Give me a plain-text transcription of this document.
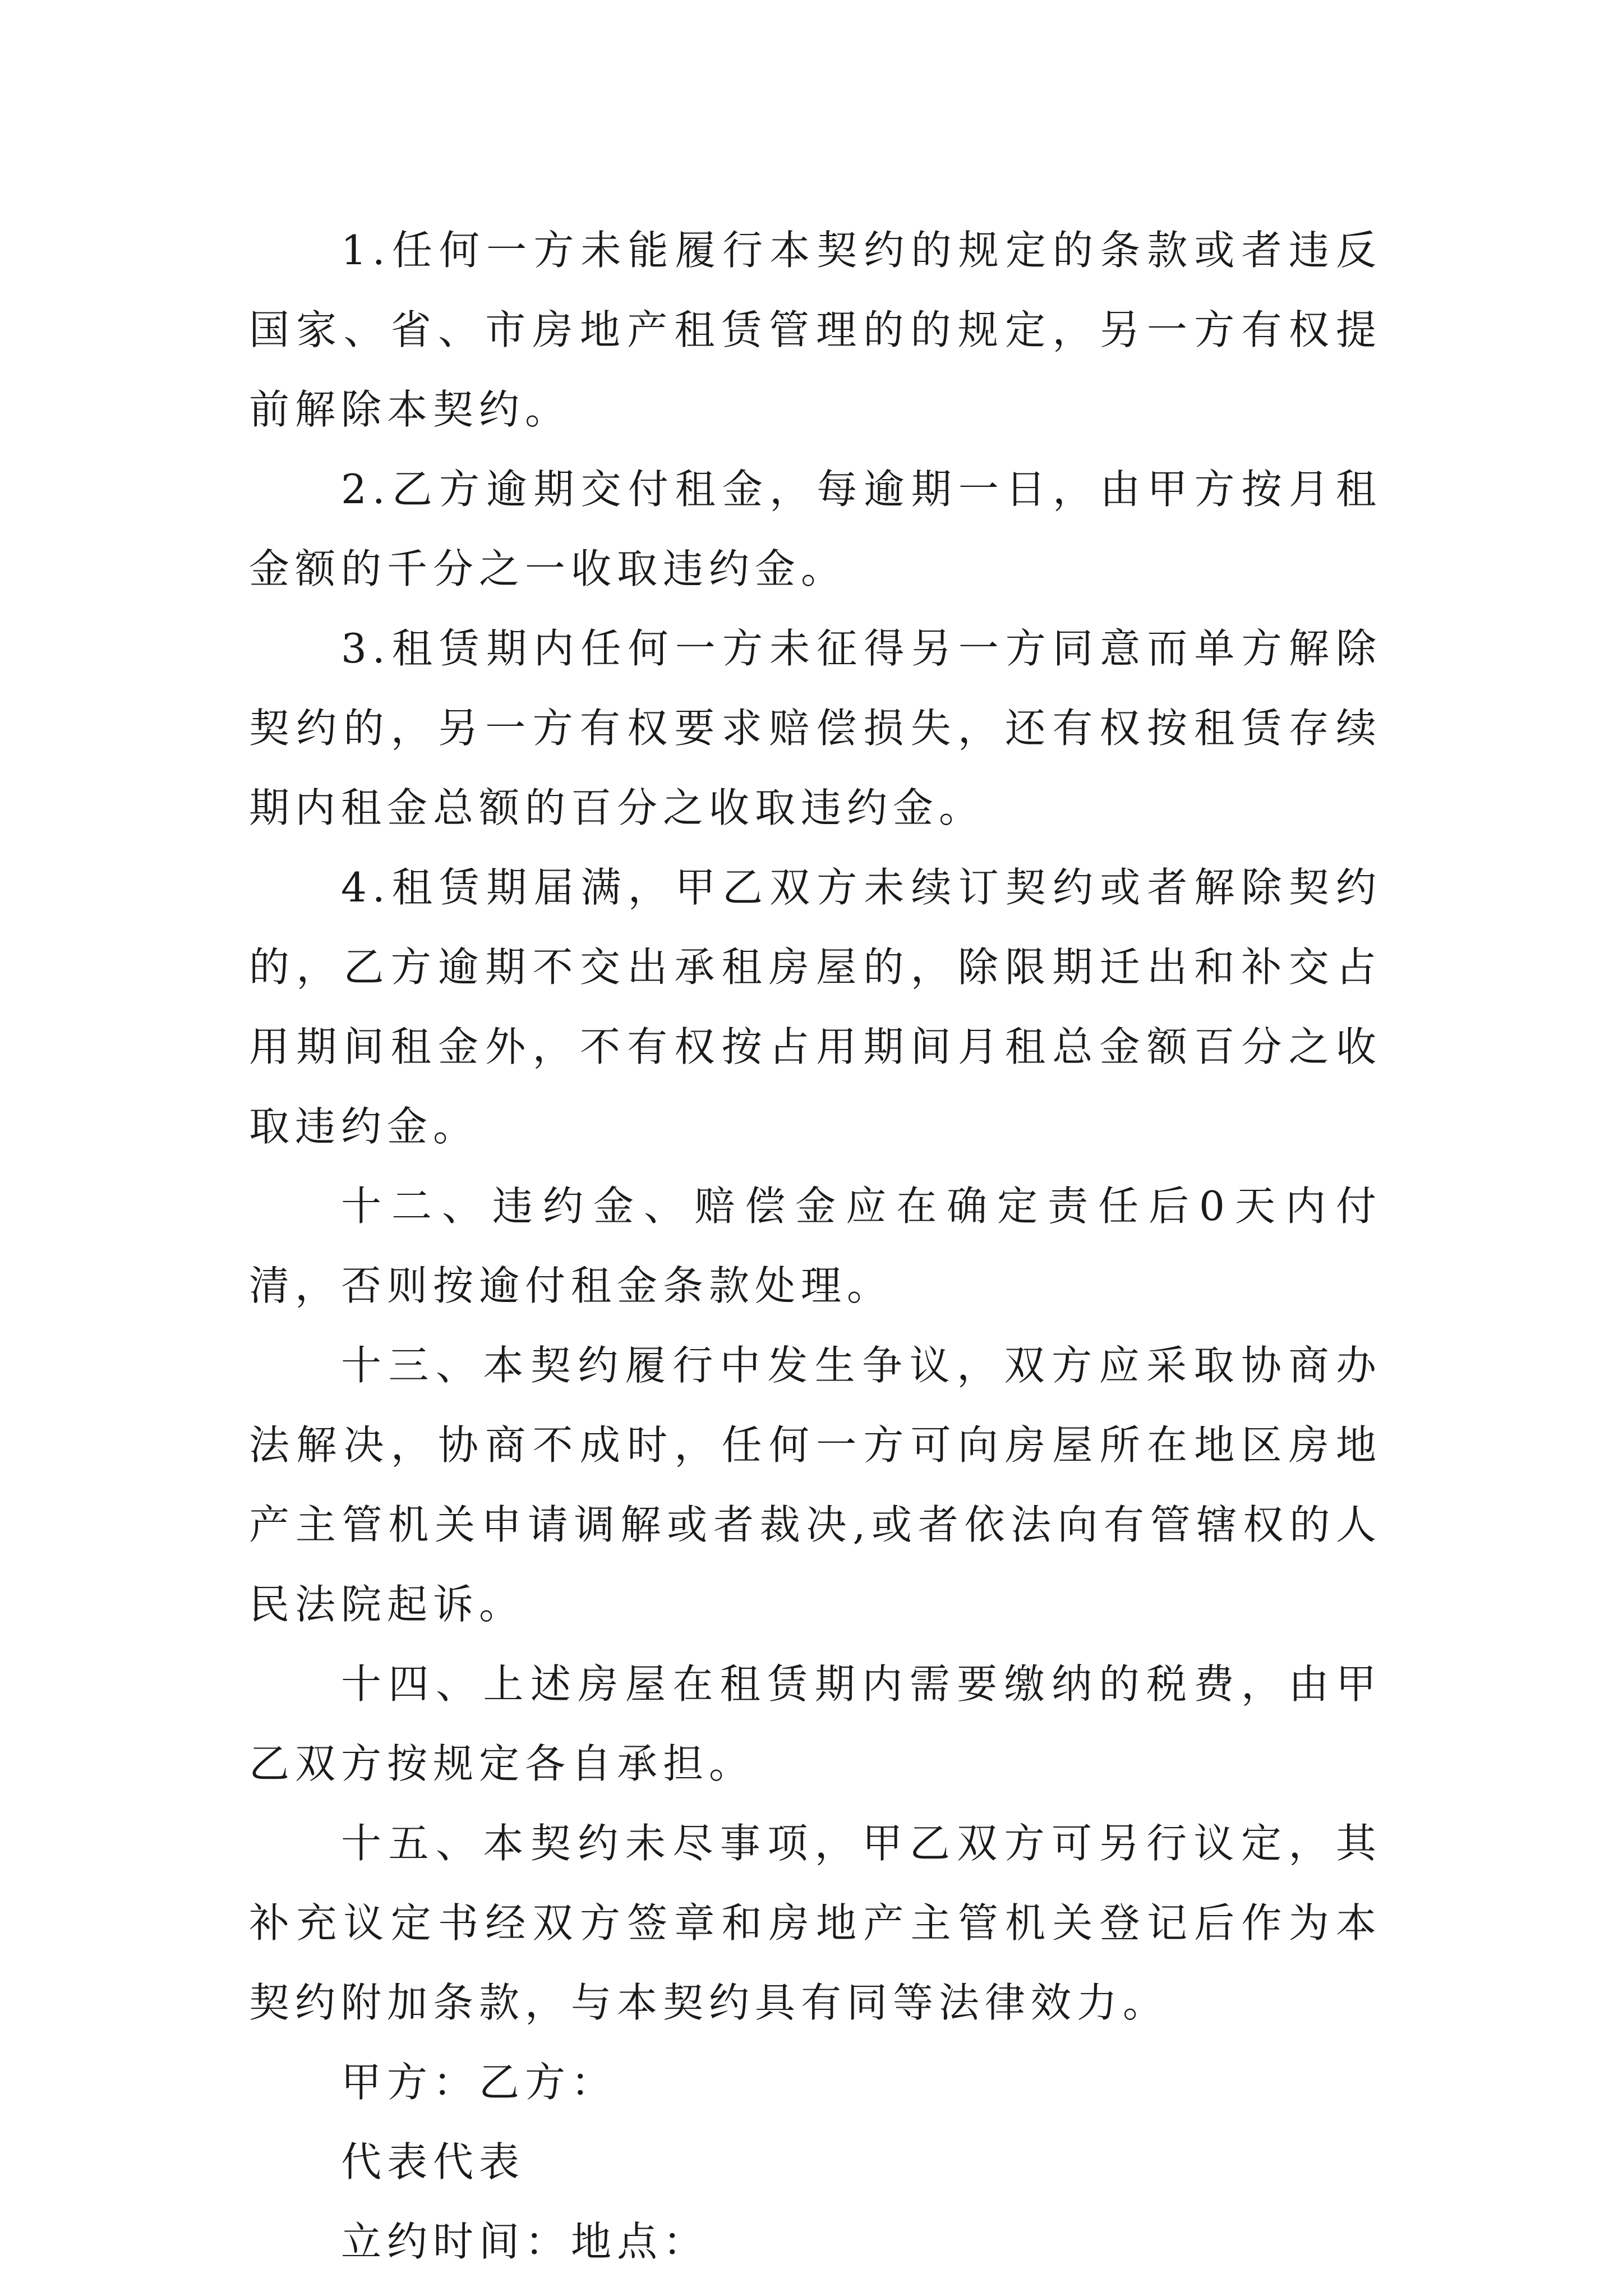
1.任何一方未能履行本契约的规定的条款或者违反国家、省、市房地产租赁管理的的规定，另一方有权提前解除本契约。

2.乙方逾期交付租金，每逾期一日，由甲方按月租金额的千分之一收取违约金。

3.租赁期内任何一方未征得另一方同意而单方解除契约的，另一方有权要求赔偿损失，还有权按租赁存续期内租金总额的百分之收取违约金。

4.租赁期届满，甲乙双方未续订契约或者解除契约的，乙方逾期不交出承租房屋的，除限期迁出和补交占用期间租金外，不有权按占用期间月租总金额百分之收取违约金。

十二、违约金、赔偿金应在确定责任后0天内付清，否则按逾付租金条款处理。

十三、本契约履行中发生争议，双方应采取协商办法解决，协商不成时，任何一方可向房屋所在地区房地产主管机关申请调解或者裁决,或者依法向有管辖权的人民法院起诉。

十四、上述房屋在租赁期内需要缴纳的税费，由甲乙双方按规定各自承担。

十五、本契约未尽事项，甲乙双方可另行议定，其补充议定书经双方签章和房地产主管机关登记后作为本契约附加条款，与本契约具有同等法律效力。

甲方：乙方：

代表代表

立约时间：地点：
